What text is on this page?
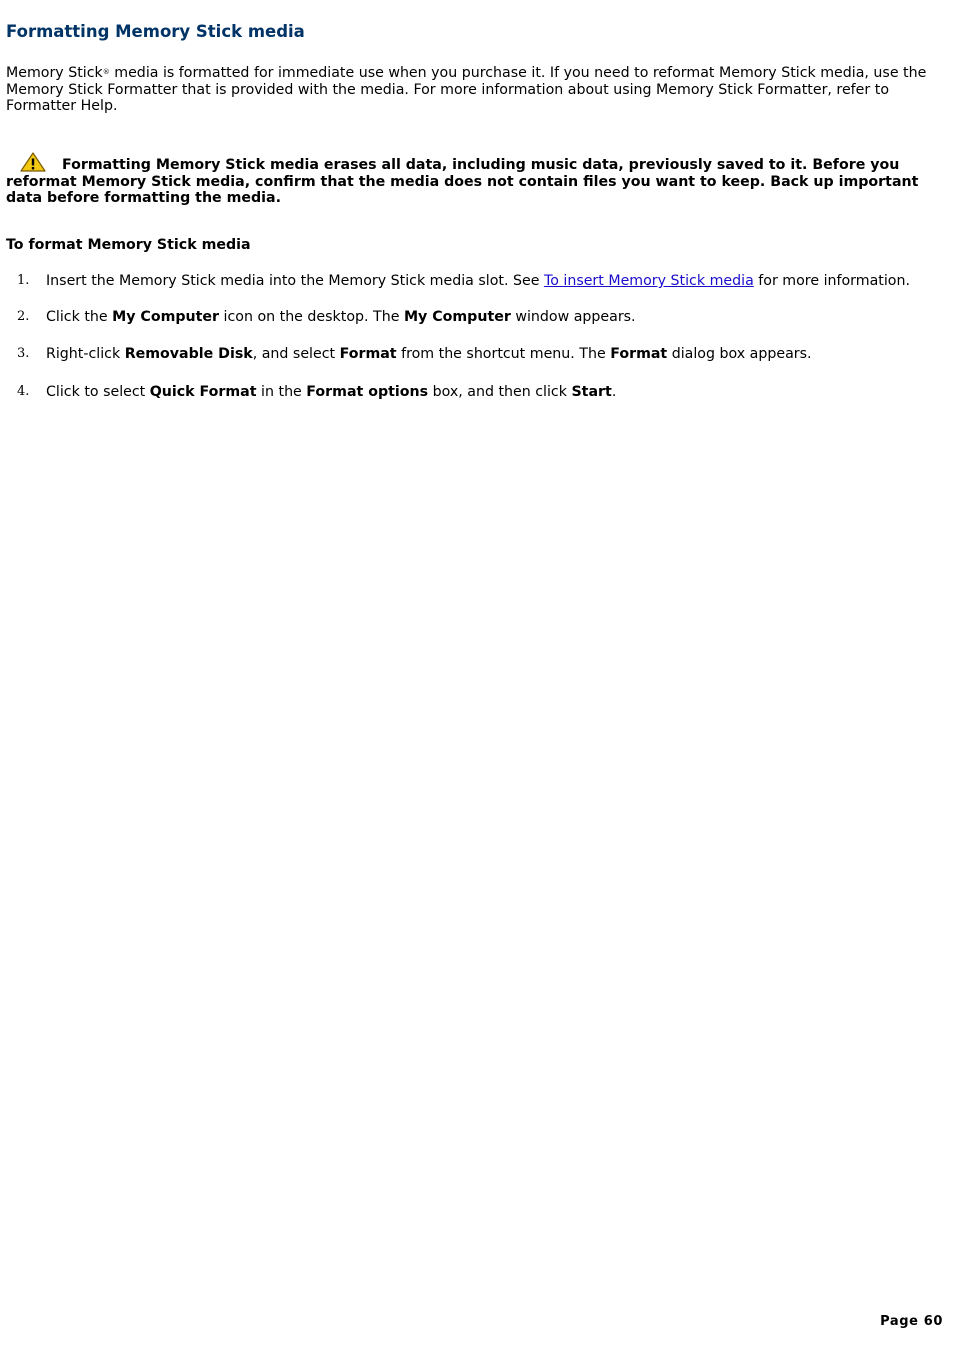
Formatting Memory Stick media

Memory Stick® media is formatted for immediate use when you purchase it. If you need to reformat Memory Stick media, use the Memory Stick Formatter that is provided with the media. For more information about using Memory Stick Formatter, refer to Formatter Help.

Formatting Memory Stick media erases all data, including music data, previously saved to it. Before you reformat Memory Stick media, confirm that the media does not contain files you want to keep. Back up important data before formatting the media.

To format Memory Stick media
1. Insert the Memory Stick media into the Memory Stick media slot. See To insert Memory Stick media for more information.
2. Click the My Computer icon on the desktop. The My Computer window appears.
3. Right-click Removable Disk, and select Format from the shortcut menu. The Format dialog box appears.
4. Click to select Quick Format in the Format options box, and then click Start.
Page 60
